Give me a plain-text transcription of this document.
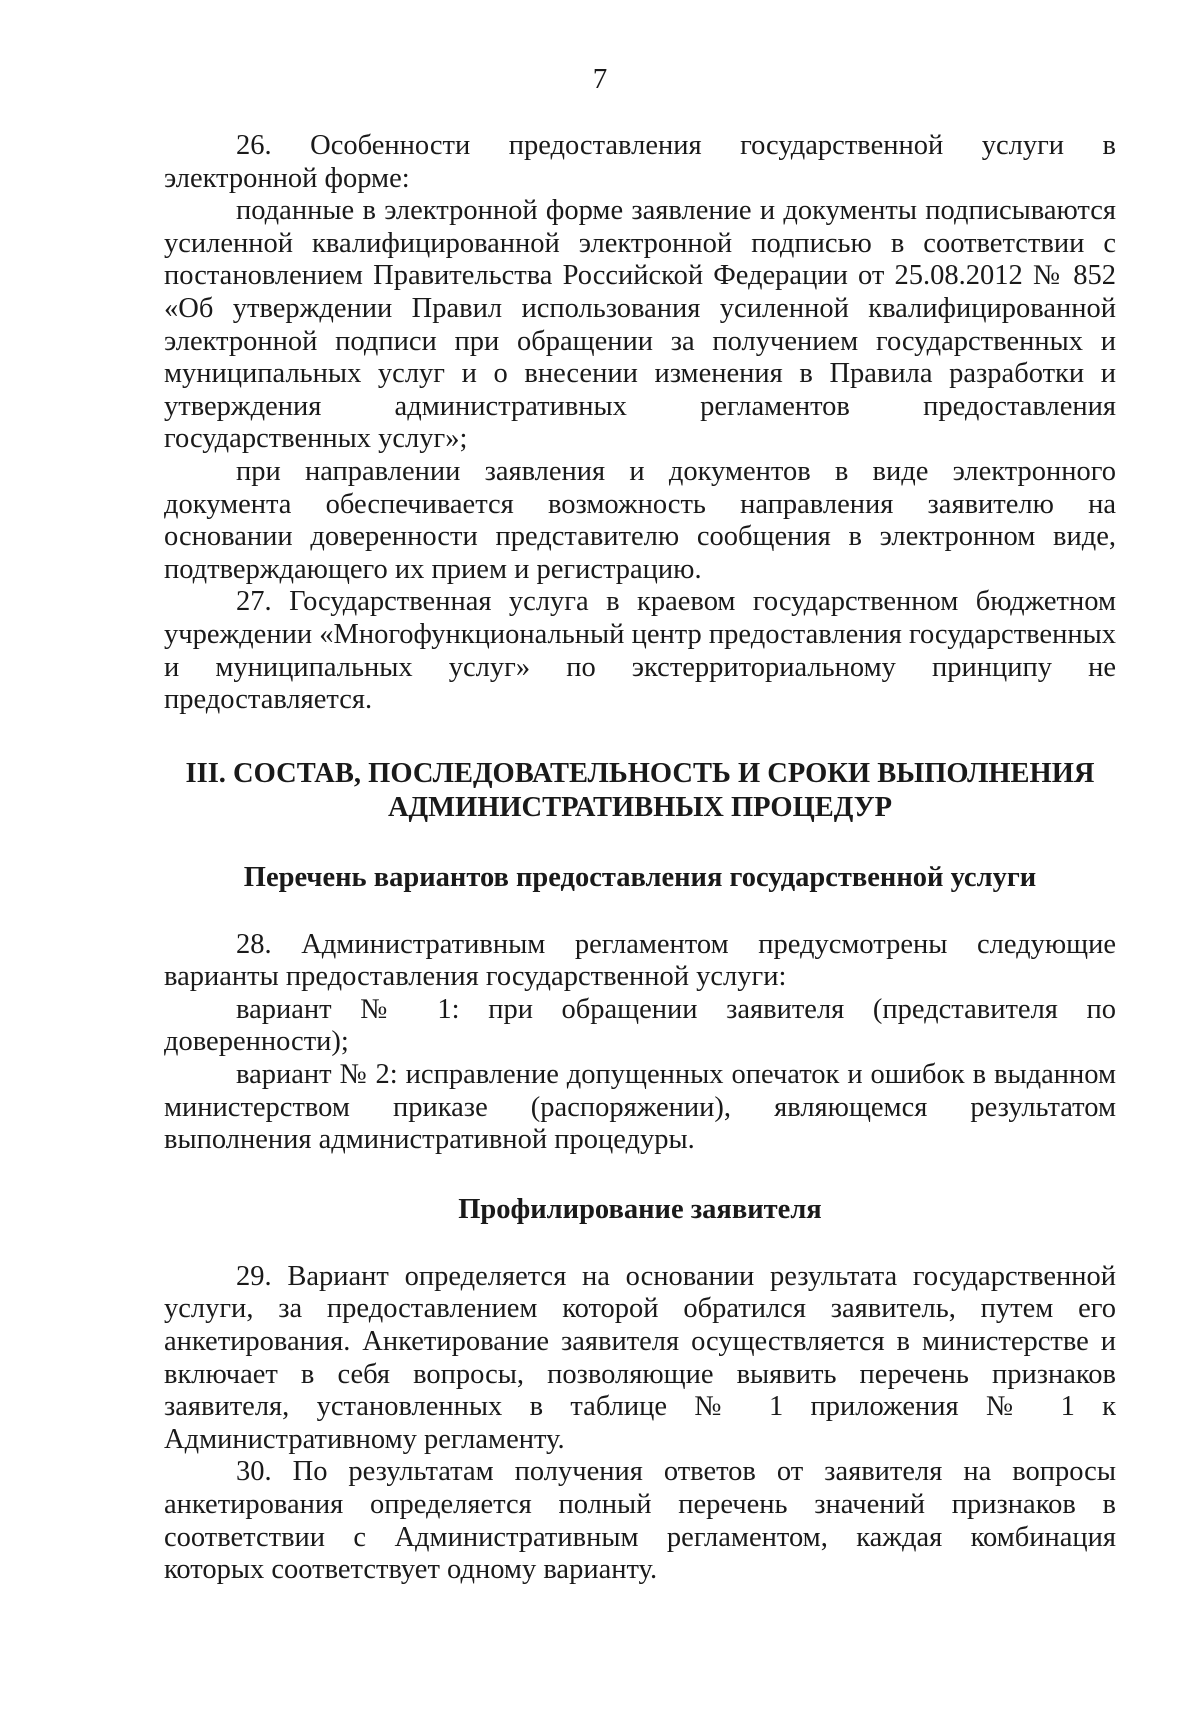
7

26. Особенности предоставления государственной услуги в электронной форме:

поданные в электронной форме заявление и документы подписываются усиленной квалифицированной электронной подписью в соответствии с постановлением Правительства Российской Федерации от 25.08.2012 № 852 «Об утверждении Правил использования усиленной квалифицированной электронной подписи при обращении за получением государственных и муниципальных услуг и о внесении изменения в Правила разработки и утверждения административных регламентов предоставления государственных услуг»;

при направлении заявления и документов в виде электронного документа обеспечивается возможность направления заявителю на основании доверенности представителю сообщения в электронном виде, подтверждающего их прием и регистрацию.

27. Государственная услуга в краевом государственном бюджетном учреждении «Многофункциональный центр предоставления государственных и муниципальных услуг» по экстерриториальному принципу не предоставляется.

III. СОСТАВ, ПОСЛЕДОВАТЕЛЬНОСТЬ И СРОКИ ВЫПОЛНЕНИЯ
АДМИНИСТРАТИВНЫХ ПРОЦЕДУР
Перечень вариантов предоставления государственной услуги

28. Административным регламентом предусмотрены следующие варианты предоставления государственной услуги:

вариант № 1: при обращении заявителя (представителя по доверенности);

вариант № 2: исправление допущенных опечаток и ошибок в выданном министерством приказе (распоряжении), являющемся результатом выполнения административной процедуры.

Профилирование заявителя

29. Вариант определяется на основании результата государственной услуги, за предоставлением которой обратился заявитель, путем его анкетирования. Анкетирование заявителя осуществляется в министерстве и включает в себя вопросы, позволяющие выявить перечень признаков заявителя, установленных в таблице № 1 приложения № 1 к Административному регламенту.

30. По результатам получения ответов от заявителя на вопросы анкетирования определяется полный перечень значений признаков в соответствии с Административным регламентом, каждая комбинация которых соответствует одному варианту.
